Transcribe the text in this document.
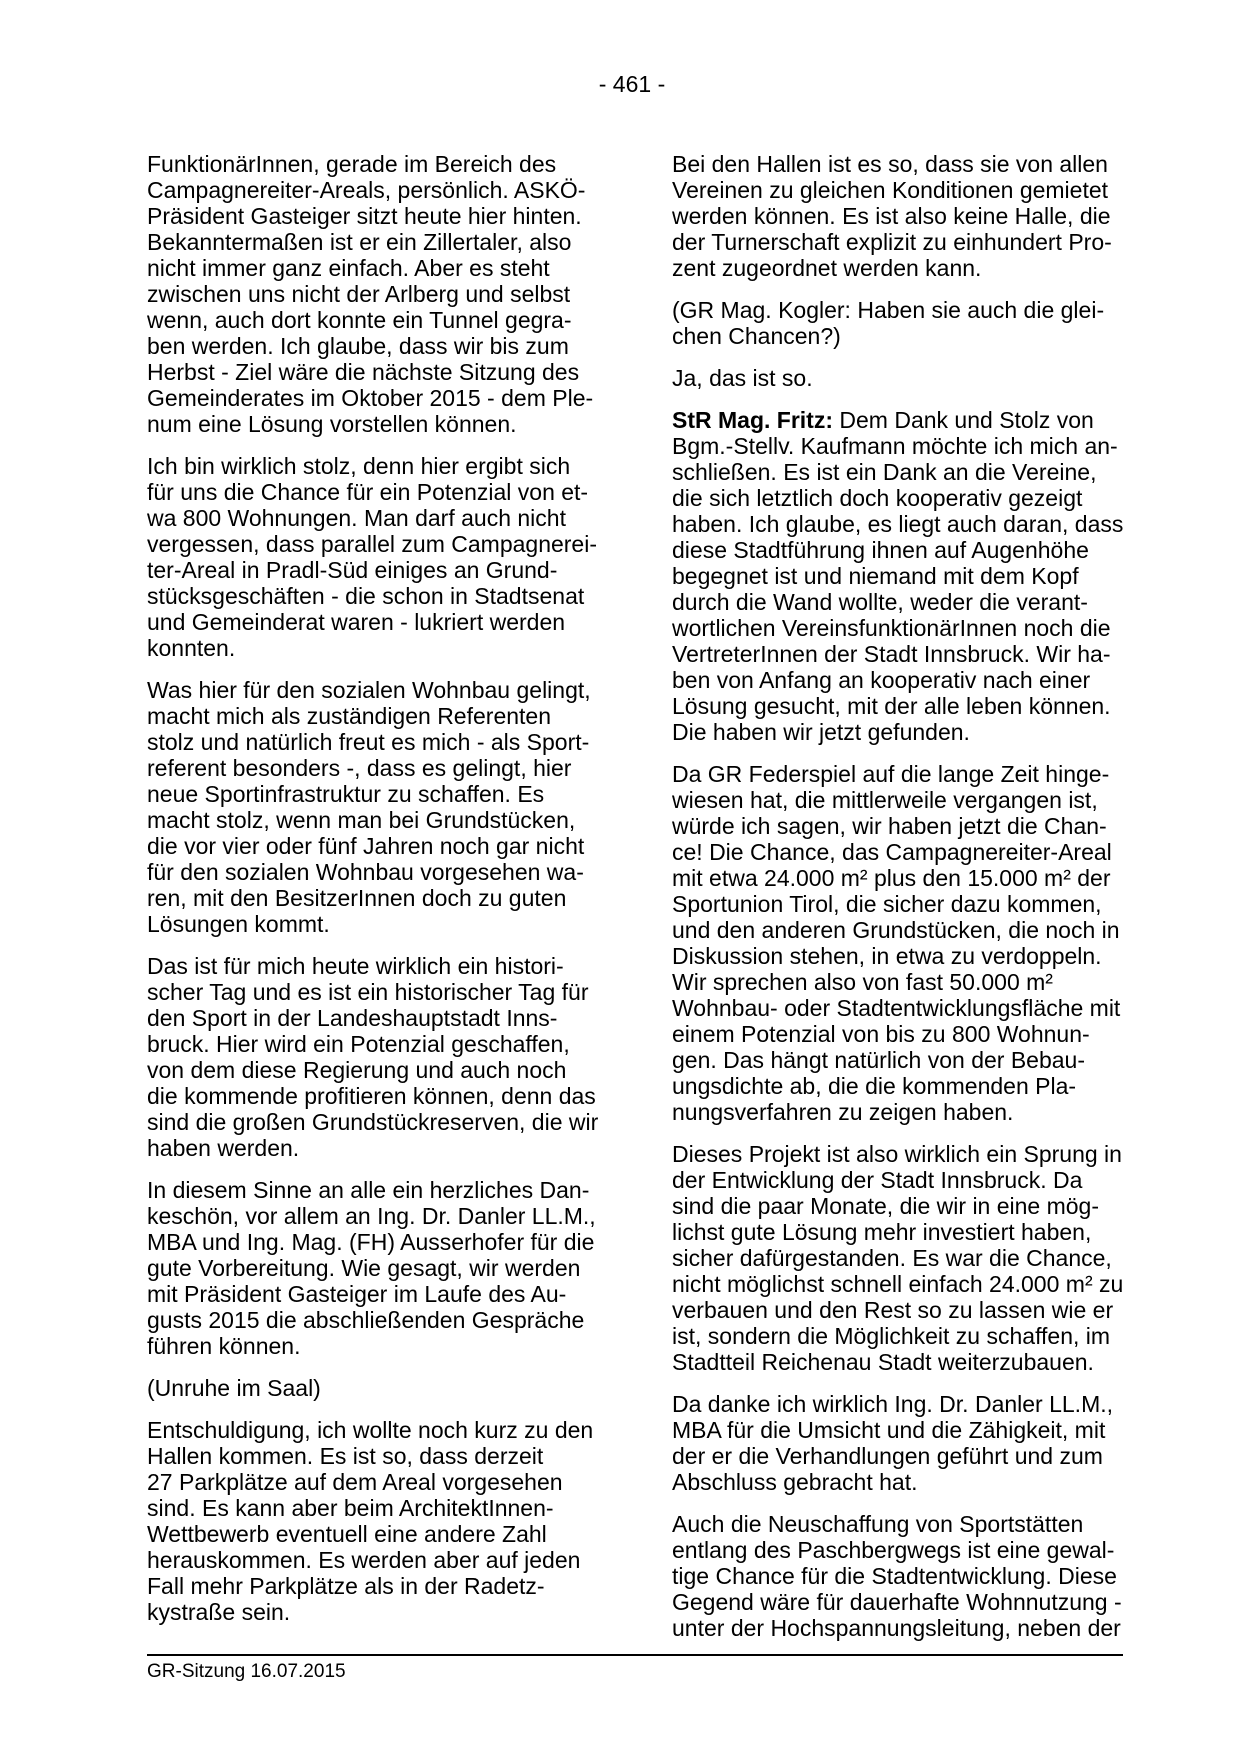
- 461 -
FunktionärInnen, gerade im Bereich des
Campagnereiter-Areals, persönlich. ASKÖ-
Präsident Gasteiger sitzt heute hier hinten.
Bekanntermaßen ist er ein Zillertaler, also
nicht immer ganz einfach. Aber es steht
zwischen uns nicht der Arlberg und selbst
wenn, auch dort konnte ein Tunnel gegra-
ben werden. Ich glaube, dass wir bis zum
Herbst - Ziel wäre die nächste Sitzung des
Gemeinderates im Oktober 2015 - dem Ple-
num eine Lösung vorstellen können.
Ich bin wirklich stolz, denn hier ergibt sich
für uns die Chance für ein Potenzial von et-
wa 800 Wohnungen. Man darf auch nicht
vergessen, dass parallel zum Campagnerei-
ter-Areal in Pradl-Süd einiges an Grund-
stücksgeschäften - die schon in Stadtsenat
und Gemeinderat waren - lukriert werden
konnten.
Was hier für den sozialen Wohnbau gelingt,
macht mich als zuständigen Referenten
stolz und natürlich freut es mich - als Sport-
referent besonders -, dass es gelingt, hier
neue Sportinfrastruktur zu schaffen. Es
macht stolz, wenn man bei Grundstücken,
die vor vier oder fünf Jahren noch gar nicht
für den sozialen Wohnbau vorgesehen wa-
ren, mit den BesitzerInnen doch zu guten
Lösungen kommt.
Das ist für mich heute wirklich ein histori-
scher Tag und es ist ein historischer Tag für
den Sport in der Landeshauptstadt Inns-
bruck. Hier wird ein Potenzial geschaffen,
von dem diese Regierung und auch noch
die kommende profitieren können, denn das
sind die großen Grundstückreserven, die wir
haben werden.
In diesem Sinne an alle ein herzliches Dan-
keschön, vor allem an Ing. Dr. Danler LL.M.,
MBA und Ing. Mag. (FH) Ausserhofer für die
gute Vorbereitung. Wie gesagt, wir werden
mit Präsident Gasteiger im Laufe des Au-
gusts 2015 die abschließenden Gespräche
führen können.
(Unruhe im Saal)
Entschuldigung, ich wollte noch kurz zu den
Hallen kommen. Es ist so, dass derzeit
27 Parkplätze auf dem Areal vorgesehen
sind. Es kann aber beim ArchitektInnen-
Wettbewerb eventuell eine andere Zahl
herauskommen. Es werden aber auf jeden
Fall mehr Parkplätze als in der Radetz-
kystraße sein.
Bei den Hallen ist es so, dass sie von allen
Vereinen zu gleichen Konditionen gemietet
werden können. Es ist also keine Halle, die
der Turnerschaft explizit zu einhundert Pro-
zent zugeordnet werden kann.
(GR Mag. Kogler: Haben sie auch die glei-
chen Chancen?)
Ja, das ist so.
StR Mag. Fritz: Dem Dank und Stolz von
Bgm.-Stellv. Kaufmann möchte ich mich an-
schließen. Es ist ein Dank an die Vereine,
die sich letztlich doch kooperativ gezeigt
haben. Ich glaube, es liegt auch daran, dass
diese Stadtführung ihnen auf Augenhöhe
begegnet ist und niemand mit dem Kopf
durch die Wand wollte, weder die verant-
wortlichen VereinsfunktionärInnen noch die
VertreterInnen der Stadt Innsbruck. Wir ha-
ben von Anfang an kooperativ nach einer
Lösung gesucht, mit der alle leben können.
Die haben wir jetzt gefunden.
Da GR Federspiel auf die lange Zeit hinge-
wiesen hat, die mittlerweile vergangen ist,
würde ich sagen, wir haben jetzt die Chan-
ce! Die Chance, das Campagnereiter-Areal
mit etwa 24.000 m² plus den 15.000 m² der
Sportunion Tirol, die sicher dazu kommen,
und den anderen Grundstücken, die noch in
Diskussion stehen, in etwa zu verdoppeln.
Wir sprechen also von fast 50.000 m²
Wohnbau- oder Stadtentwicklungsfläche mit
einem Potenzial von bis zu 800 Wohnun-
gen. Das hängt natürlich von der Bebau-
ungsdichte ab, die die kommenden Pla-
nungsverfahren zu zeigen haben.
Dieses Projekt ist also wirklich ein Sprung in
der Entwicklung der Stadt Innsbruck. Da
sind die paar Monate, die wir in eine mög-
lichst gute Lösung mehr investiert haben,
sicher dafürgestanden. Es war die Chance,
nicht möglichst schnell einfach 24.000 m² zu
verbauen und den Rest so zu lassen wie er
ist, sondern die Möglichkeit zu schaffen, im
Stadtteil Reichenau Stadt weiterzubauen.
Da danke ich wirklich Ing. Dr. Danler LL.M.,
MBA für die Umsicht und die Zähigkeit, mit
der er die Verhandlungen geführt und zum
Abschluss gebracht hat.
Auch die Neuschaffung von Sportstätten
entlang des Paschbergwegs ist eine gewal-
tige Chance für die Stadtentwicklung. Diese
Gegend wäre für dauerhafte Wohnnutzung -
unter der Hochspannungsleitung, neben der
GR-Sitzung 16.07.2015
